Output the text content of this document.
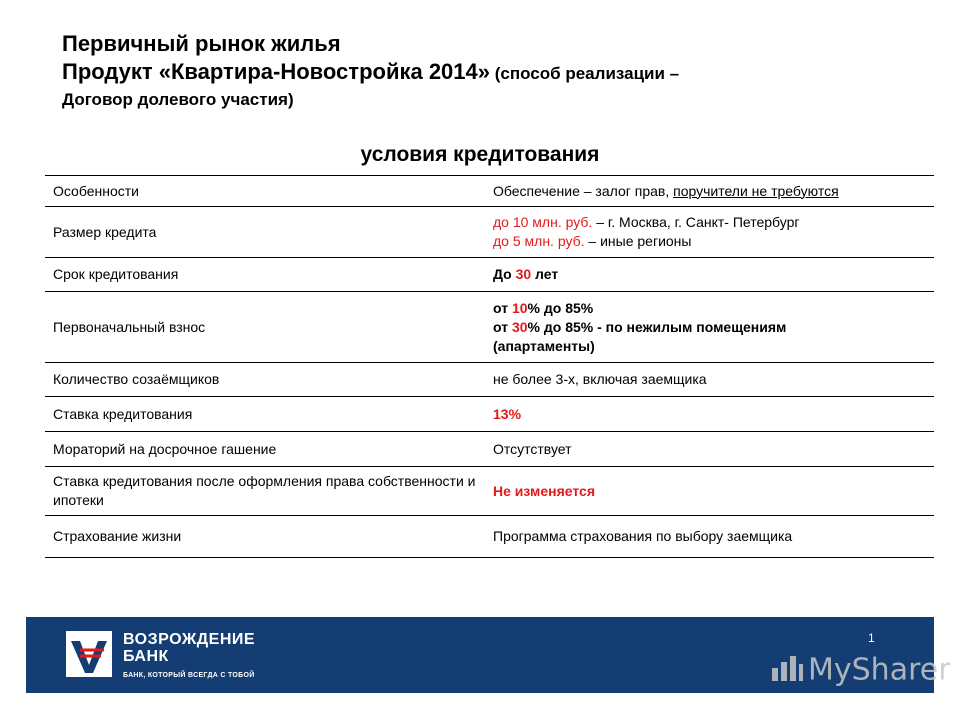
Первичный рынок жилья
Продукт «Квартира-Новостройка 2014» (способ реализации –
Договор долевого участия)
условия кредитования
Особенности	Обеспечение – залог прав, поручители не требуются
Размер кредита	до 10 млн. руб. – г. Москва, г. Санкт- Петербург
до 5 млн. руб. – иные регионы
Срок кредитования	До 30 лет
Первоначальный взнос	от 10% до 85%
от 30% до 85% - по нежилым помещениям
(апартаменты)
Количество созаёмщиков	не более 3-х, включая заемщика
Ставка кредитования	13%
Мораторий на досрочное гашение	Отсутствует
Ставка кредитования после оформления права собственности и ипотеки	Не изменяется
Страхование жизни	Программа страхования по выбору заемщика
ВОЗРОЖДЕНИЕ
БАНК
БАНК, КОТОРЫЙ ВСЕГДА С ТОБОЙ
1
MySharer
